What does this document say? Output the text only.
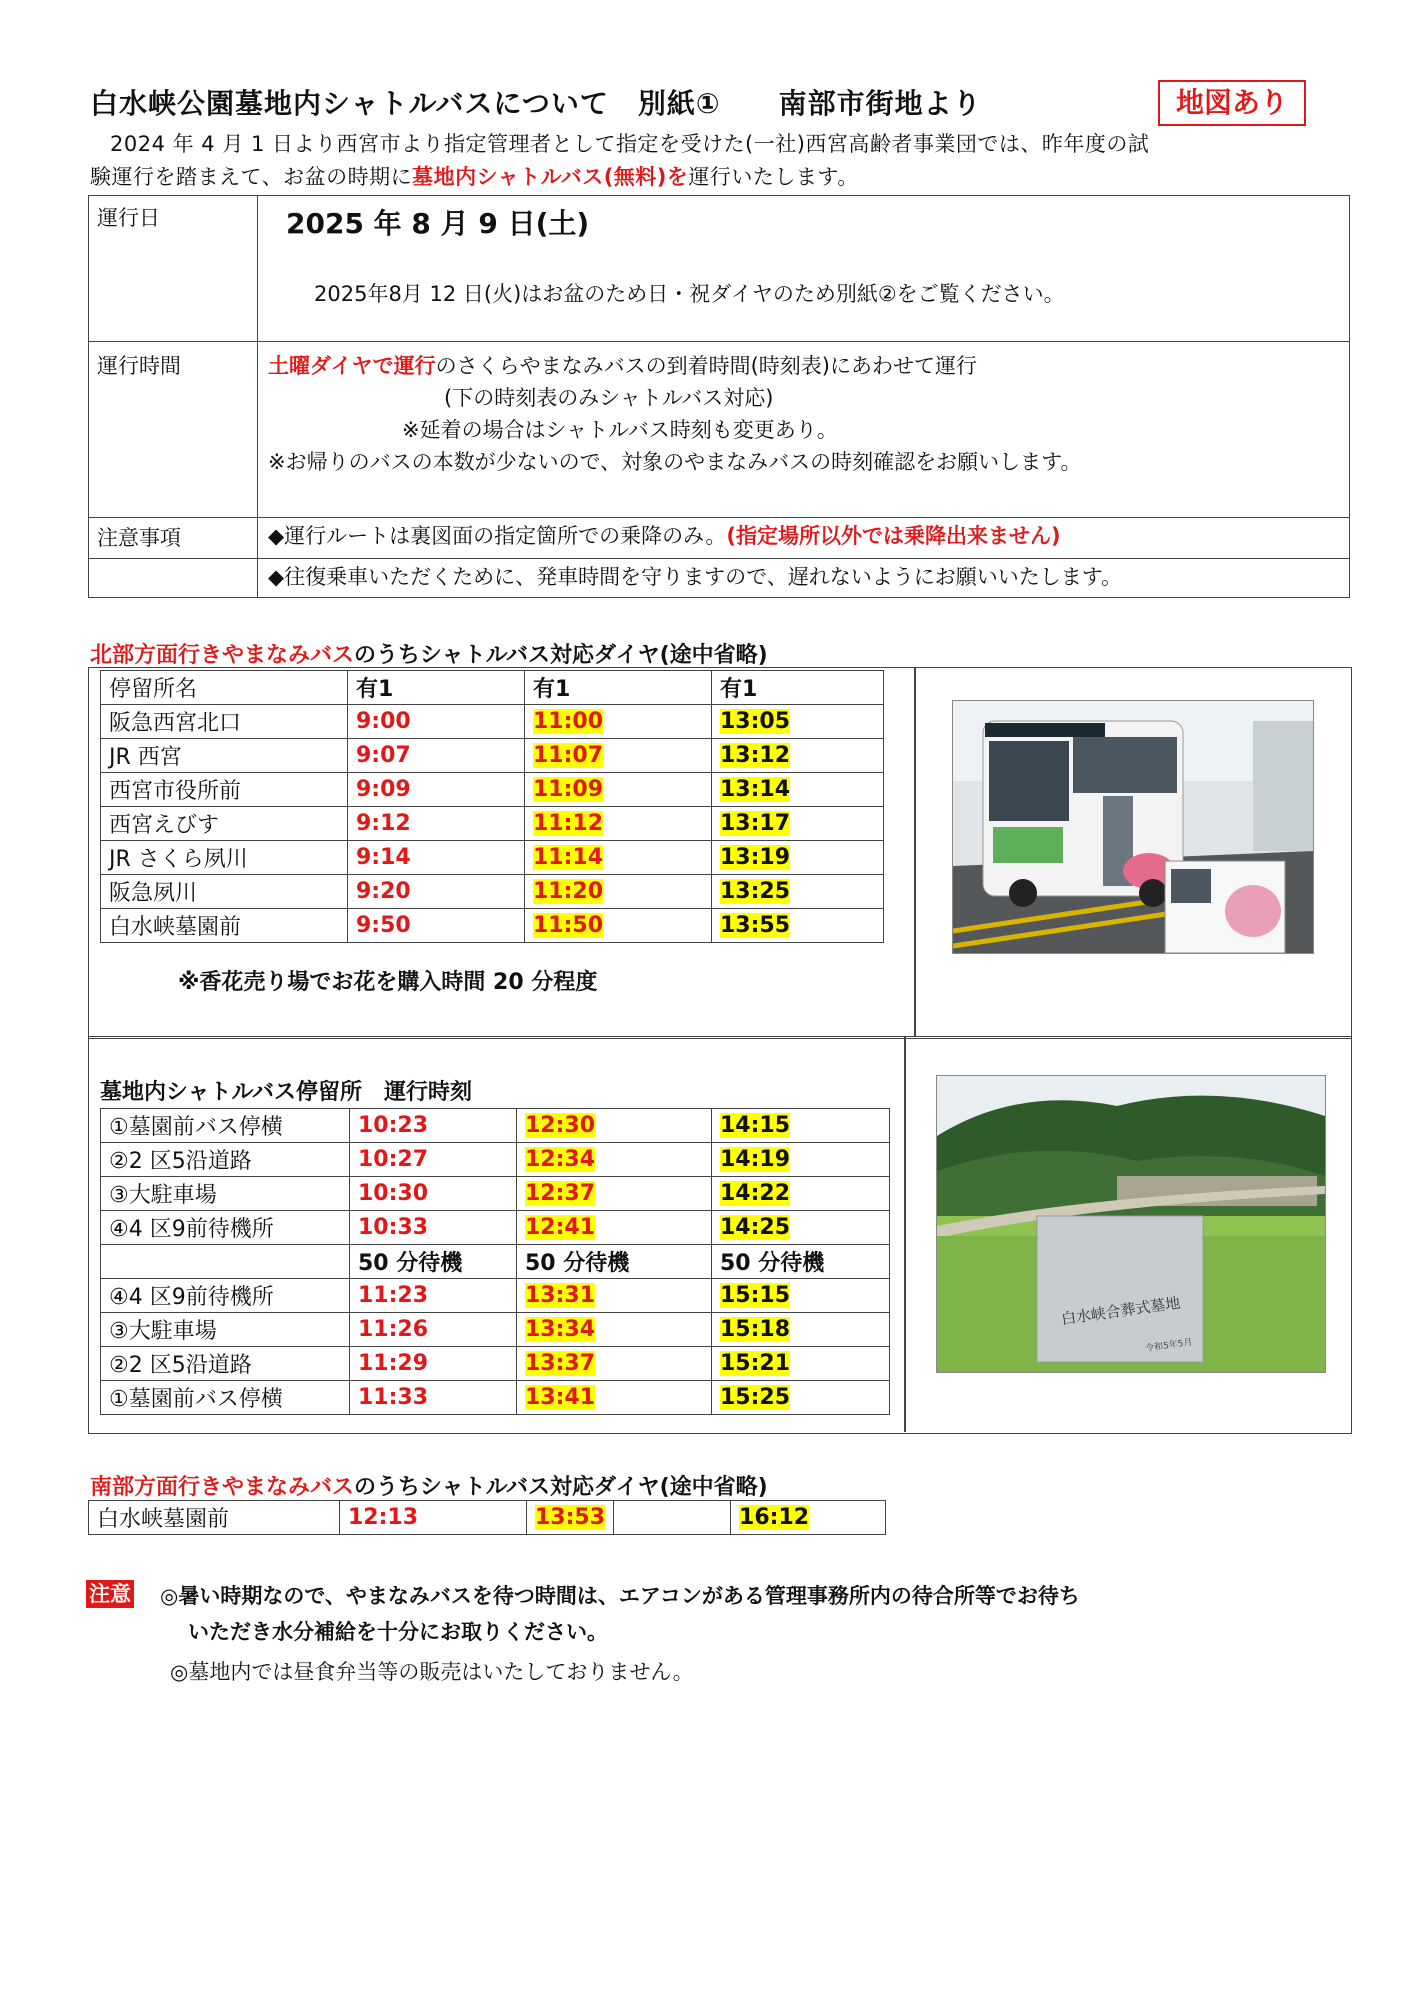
白水峡公園墓地内シャトルバスについて　別紙①　　南部市街地より	地図あり
2024 年 4 月 1 日より西宮市より指定管理者として指定を受けた(一社)西宮高齢者事業団では、昨年度の試
験運行を踏まえて、お盆の時期に墓地内シャトルバス(無料)を運行いたします。
運行日	2025 年 8 月 9 日(土)
2025年8月 12 日(火)はお盆のため日・祝ダイヤのため別紙②をご覧ください。

運行時間	土曜ダイヤで運行のさくらやまなみバスの到着時間(時刻表)にあわせて運行
(下の時刻表のみシャトルバス対応)
※延着の場合はシャトルバス時刻も変更あり。
※お帰りのバスの本数が少ないので、対象のやまなみバスの時刻確認をお願いします。

注意事項	◆運行ルートは裏図面の指定箇所での乗降のみ。(指定場所以外では乗降出来ません)
	◆往復乗車いただくために、発車時間を守りますので、遅れないようにお願いいたします。
北部方面行きやまなみバスのうちシャトルバス対応ダイヤ(途中省略)
停留所名	有1	有1	有1
阪急西宮北口	9:00	11:00	13:05
JR 西宮	9:07	11:07	13:12
西宮市役所前	9:09	11:09	13:14
西宮えびす	9:12	11:12	13:17
JR さくら夙川	9:14	11:14	13:19
阪急夙川	9:20	11:20	13:25
白水峡墓園前	9:50	11:50	13:55
※香花売り場でお花を購入時間 20 分程度
墓地内シャトルバス停留所　運行時刻
①墓園前バス停横	10:23	12:30	14:15
②2 区5沿道路	10:27	12:34	14:19
③大駐車場	10:30	12:37	14:22
④4 区9前待機所	10:33	12:41	14:25
	50 分待機	50 分待機	50 分待機
④4 区9前待機所	11:23	13:31	15:15
③大駐車場	11:26	13:34	15:18
②2 区5沿道路	11:29	13:37	15:21
①墓園前バス停横	11:33	13:41	15:25
白水峡合葬式墓地
令和5年5月
南部方面行きやまなみバスのうちシャトルバス対応ダイヤ(途中省略)
白水峡墓園前	12:13	13:53		16:12
注意 ◎暑い時期なので、やまなみバスを待つ時間は、エアコンがある管理事務所内の待合所等でお待ち
いただき水分補給を十分にお取りください。
◎墓地内では昼食弁当等の販売はいたしておりません。
